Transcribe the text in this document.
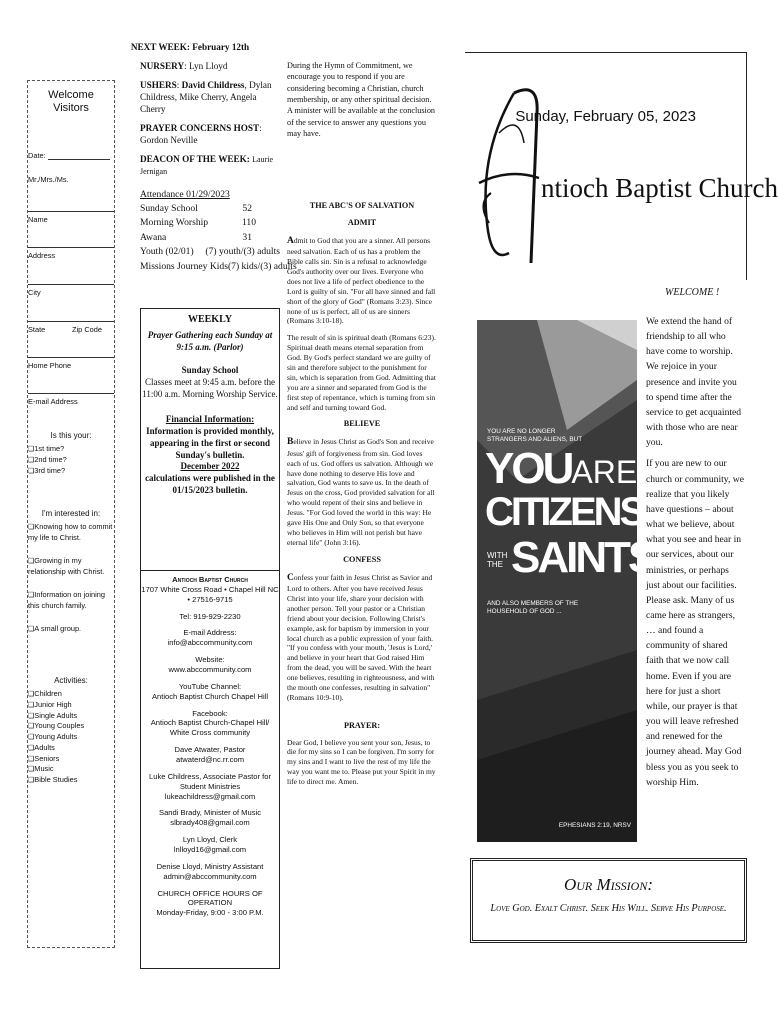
Welcome
Visitors
Date:
Mr./Mrs./Ms.
Name
Address
City
State	Zip Code
Home Phone
E-mail Address
Is this your:
❑ 1st time?
❑ 2nd time?
❑ 3rd time?
I'm interested in:
❑ Knowing how to commit my life to Christ.
❑ Growing in my relationship with Christ.
❑ Information on joining this church family.
❑ A small group.
Activities:
❑ Children
❑ Junior High
❑ Single Adults
❑ Young Couples
❑ Young Adults
❑ Adults
❑ Seniors
❑ Music
❑ Bible Studies
NEXT WEEK: February 12th
NURSERY: Lyn Lloyd
USHERS: David Childress, Dylan Childress, Mike Cherry, Angela Cherry
PRAYER CONCERNS HOST:
Gordon Neville
DEACON OF THE WEEK: Laurie Jernigan
Attendance 01/29/2023
Sunday School	52
Morning Worship	110
Awana	31
Youth (02/01) (7) youth/(3) adults
Missions Journey Kids (7) kids/(3) adults
WEEKLY
Prayer Gathering each Sunday at 9:15 a.m. (Parlor)
Sunday School
Classes meet at 9:45 a.m. before the 11:00 a.m. Morning Worship Service.
Financial Information:
Information is provided monthly, appearing in the first or second Sunday's bulletin.
December 2022
calculations were published in the 01/15/2023 bulletin.
Antioch Baptist Church
1707 White Cross Road • Chapel Hill NC • 27516-9715
Tel: 919-929-2230
E-mail Address:
info@abccommunity.com
Website:
www.abccommunity.com
YouTube Channel:
Antioch Baptist Church Chapel Hill
Facebook:
Antioch Baptist Church-Chapel Hill/ White Cross community
Dave Atwater, Pastor
atwaterd@nc.rr.com
Luke Childress, Associate Pastor for Student Ministries
lukeachildress@gmail.com
Sandi Brady, Minister of Music
slbrady408@gmail.com
Lyn Lloyd, Clerk
lnlloyd16@gmail.com
Denise Lloyd, Ministry Assistant
admin@abccommunity.com
CHURCH OFFICE HOURS OF OPERATION
Monday-Friday, 9:00 - 3:00 P.M.
During the Hymn of Commitment, we encourage you to respond if you are considering becoming a Christian, church membership, or any other spiritual decision. A minister will be available at the conclusion of the service to answer any questions you may have.
THE ABC'S OF SALVATION
ADMIT

Admit to God that you are a sinner. All persons need salvation. Each of us has a problem the Bible calls sin. Sin is a refusal to acknowledge God's authority over our lives. Everyone who does not live a life of perfect obedience to the Lord is guilty of sin. "For all have sinned and fall short of the glory of God" (Romans 3:23). Since none of us is perfect, all of us are sinners (Romans 3:10-18).

The result of sin is spiritual death (Romans 6:23). Spiritual death means eternal separation from God. By God's perfect standard we are guilty of sin and therefore subject to the punishment for sin, which is separation from God. Admitting that you are a sinner and separated from God is the first step of repentance, which is turning from sin and self and turning toward God.

BELIEVE

Believe in Jesus Christ as God's Son and receive Jesus' gift of forgiveness from sin. God loves each of us. God offers us salvation. Although we have done nothing to deserve His love and salvation, God wants to save us. In the death of Jesus on the cross, God provided salvation for all who would repent of their sins and believe in Jesus. "For God loved the world in this way: He gave His One and Only Son, so that everyone who believes in Him will not perish but have eternal life" (John 3:16).

CONFESS

Confess your faith in Jesus Christ as Savior and Lord to others. After you have received Jesus Christ into your life, share your decision with another person. Tell your pastor or a Christian friend about your decision. Following Christ's example, ask for baptism by immersion in your local church as a public expression of your faith. "If you confess with your mouth, 'Jesus is Lord,' and believe in your heart that God raised Him from the dead, you will be saved. With the heart one believes, resulting in righteousness, and with the mouth one confesses, resulting in salvation" (Romans 10:9-10).

PRAYER:

Dear God, I believe you sent your son, Jesus, to die for my sins so I can be forgiven. I'm sorry for my sins and I want to live the rest of my life the way you want me to. Please put your Spirit in my life to direct me. Amen.

Sunday, February 05, 2023
ntioch Baptist Church
YOU ARE NO LONGER
STRANGERS AND ALIENS, BUT
YOUARE
CITIZENS
WITH
THE SAINTS
AND ALSO MEMBERS OF THE
HOUSEHOLD OF GOD ...
EPHESIANS 2:19, NRSV
WELCOME !

We extend the hand of friendship to all who have come to worship. We rejoice in your presence and invite you to spend time after the service to get acquainted with those who are near you.

If you are new to our church or community, we realize that you likely have questions – about what we believe, about what you see and hear in our services, about our ministries, or perhaps just about our facilities. Please ask. Many of us came here as strangers, … and found a community of shared faith that we now call home. Even if you are here for just a short while, our prayer is that you will leave refreshed and renewed for the journey ahead. May God bless you as you seek to worship Him.

Our Mission:
Love God. Exalt Christ. Seek His Will. Serve His Purpose.
